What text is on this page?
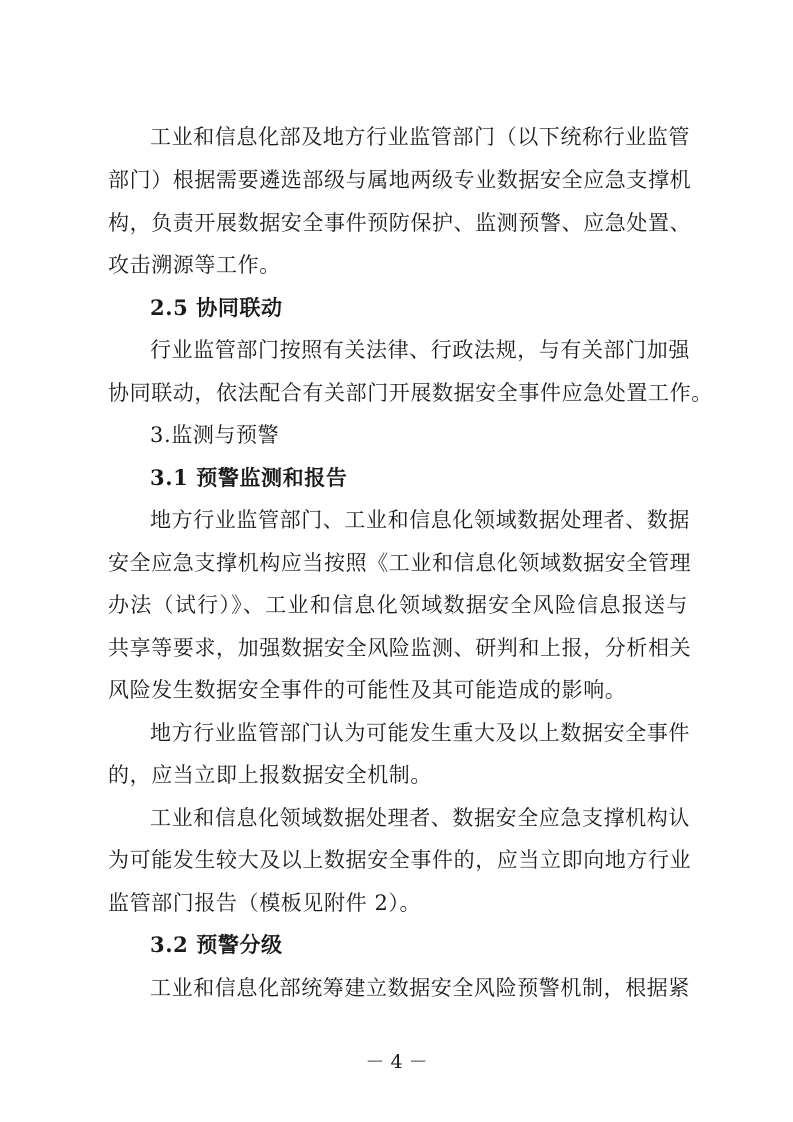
工业和信息化部及地方行业监管部门（以下统称行业监管
部门）根据需要遴选部级与属地两级专业数据安全应急支撑机
构，负责开展数据安全事件预防保护、监测预警、应急处置、
攻击溯源等工作。
2.5 协同联动
行业监管部门按照有关法律、行政法规，与有关部门加强
协同联动，依法配合有关部门开展数据安全事件应急处置工作。
3.监测与预警
3.1 预警监测和报告
地方行业监管部门、工业和信息化领域数据处理者、数据
安全应急支撑机构应当按照《工业和信息化领域数据安全管理
办法（试行）》、工业和信息化领域数据安全风险信息报送与
共享等要求，加强数据安全风险监测、研判和上报，分析相关
风险发生数据安全事件的可能性及其可能造成的影响。
地方行业监管部门认为可能发生重大及以上数据安全事件
的，应当立即上报数据安全机制。
工业和信息化领域数据处理者、数据安全应急支撑机构认
为可能发生较大及以上数据安全事件的，应当立即向地方行业
监管部门报告（模板见附件 2）。
3.2 预警分级
工业和信息化部统筹建立数据安全风险预警机制，根据紧
－ 4 －
